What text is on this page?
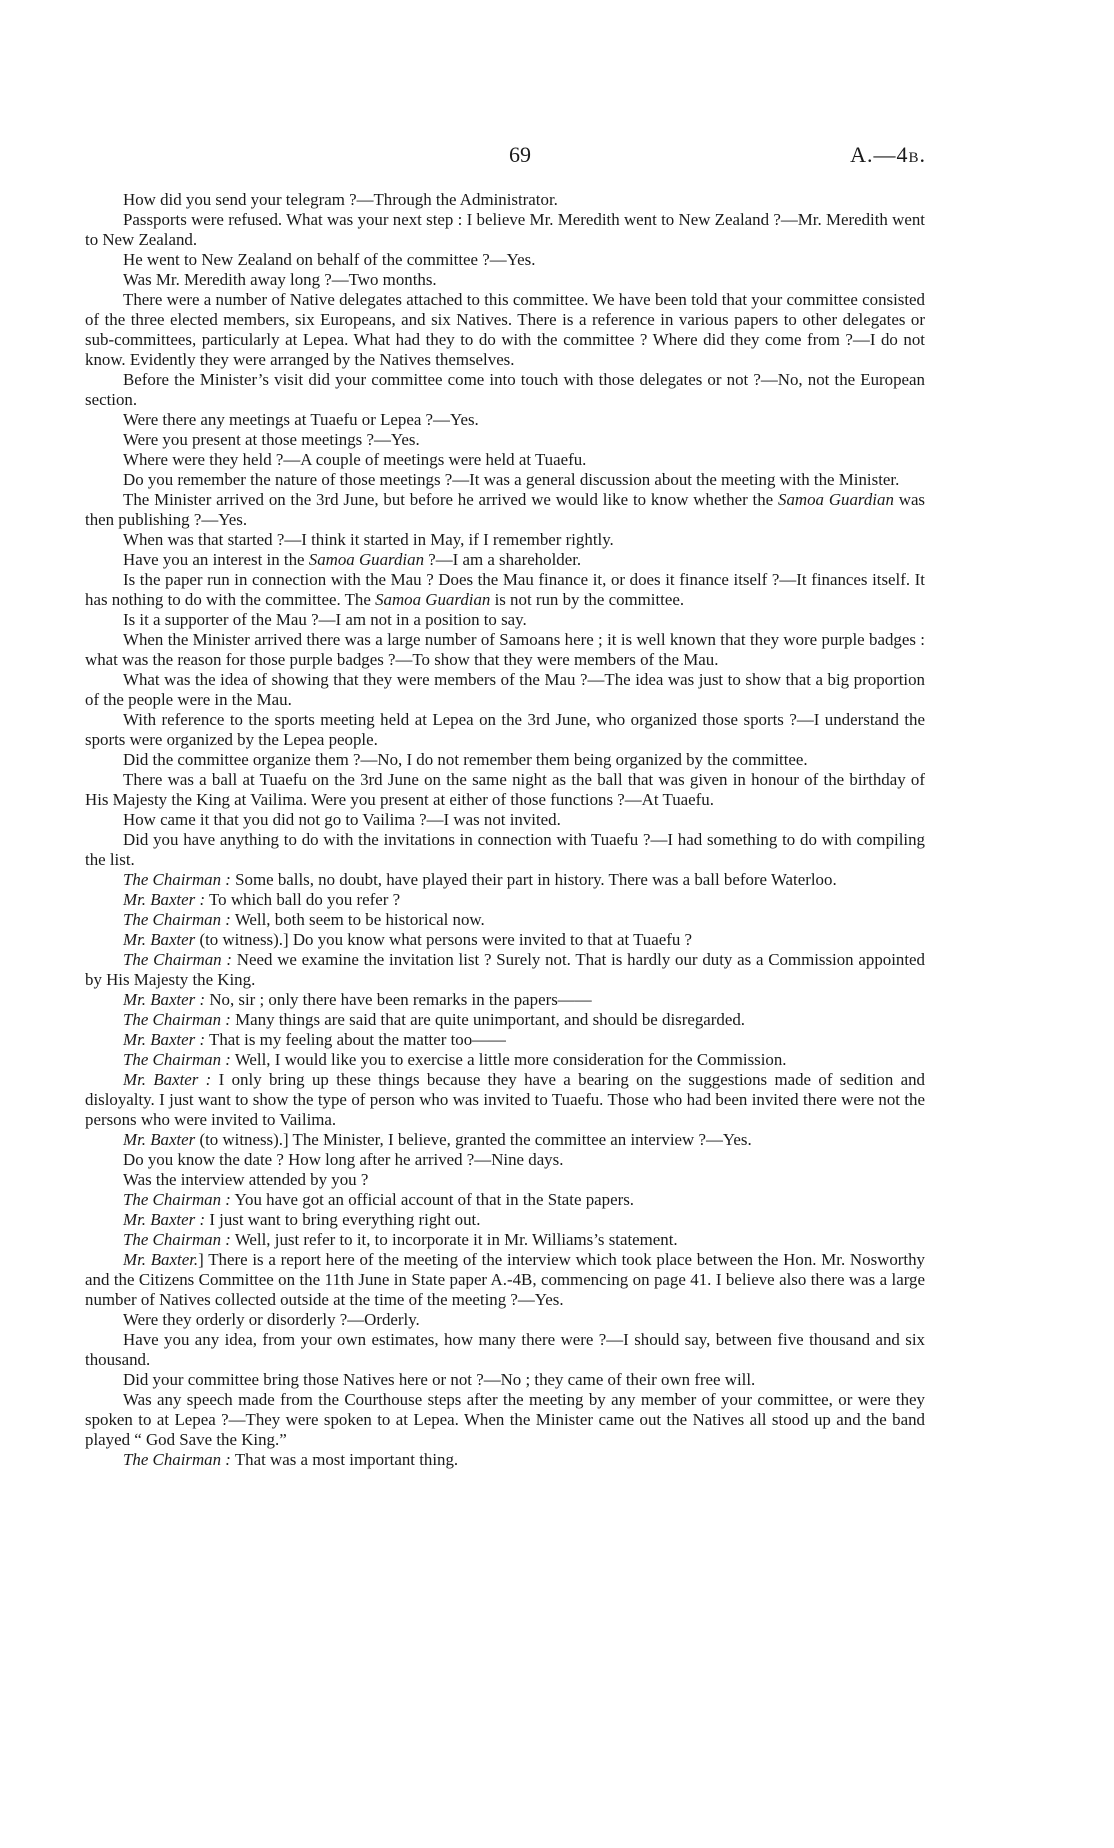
69	A.—4B.

How did you send your telegram ?—Through the Administrator.

Passports were refused. What was your next step : I believe Mr. Meredith went to New Zealand ?—Mr. Meredith went to New Zealand.

He went to New Zealand on behalf of the committee ?—Yes.

Was Mr. Meredith away long ?—Two months.

There were a number of Native delegates attached to this committee. We have been told that your committee consisted of the three elected members, six Europeans, and six Natives. There is a reference in various papers to other delegates or sub-committees, particularly at Lepea. What had they to do with the committee ? Where did they come from ?—I do not know. Evidently they were arranged by the Natives themselves.

Before the Minister’s visit did your committee come into touch with those delegates or not ?—No, not the European section.

Were there any meetings at Tuaefu or Lepea ?—Yes.

Were you present at those meetings ?—Yes.

Where were they held ?—A couple of meetings were held at Tuaefu.

Do you remember the nature of those meetings ?—It was a general discussion about the meeting with the Minister.

The Minister arrived on the 3rd June, but before he arrived we would like to know whether the Samoa Guardian was then publishing ?—Yes.

When was that started ?—I think it started in May, if I remember rightly.

Have you an interest in the Samoa Guardian ?—I am a shareholder.

Is the paper run in connection with the Mau ? Does the Mau finance it, or does it finance itself ?—It finances itself. It has nothing to do with the committee. The Samoa Guardian is not run by the committee.

Is it a supporter of the Mau ?—I am not in a position to say.

When the Minister arrived there was a large number of Samoans here ; it is well known that they wore purple badges : what was the reason for those purple badges ?—To show that they were members of the Mau.

What was the idea of showing that they were members of the Mau ?—The idea was just to show that a big proportion of the people were in the Mau.

With reference to the sports meeting held at Lepea on the 3rd June, who organized those sports ?—I understand the sports were organized by the Lepea people.

Did the committee organize them ?—No, I do not remember them being organized by the committee.

There was a ball at Tuaefu on the 3rd June on the same night as the ball that was given in honour of the birthday of His Majesty the King at Vailima. Were you present at either of those functions ?—At Tuaefu.

How came it that you did not go to Vailima ?—I was not invited.

Did you have anything to do with the invitations in connection with Tuaefu ?—I had something to do with compiling the list.

The Chairman : Some balls, no doubt, have played their part in history. There was a ball before Waterloo.

Mr. Baxter : To which ball do you refer ?

The Chairman : Well, both seem to be historical now.

Mr. Baxter (to witness).] Do you know what persons were invited to that at Tuaefu ?

The Chairman : Need we examine the invitation list ? Surely not. That is hardly our duty as a Commission appointed by His Majesty the King.

Mr. Baxter : No, sir ; only there have been remarks in the papers——

The Chairman : Many things are said that are quite unimportant, and should be disregarded.

Mr. Baxter : That is my feeling about the matter too——

The Chairman : Well, I would like you to exercise a little more consideration for the Commission.

Mr. Baxter : I only bring up these things because they have a bearing on the suggestions made of sedition and disloyalty. I just want to show the type of person who was invited to Tuaefu. Those who had been invited there were not the persons who were invited to Vailima.

Mr. Baxter (to witness).] The Minister, I believe, granted the committee an interview ?—Yes.

Do you know the date ? How long after he arrived ?—Nine days.

Was the interview attended by you ?

The Chairman : You have got an official account of that in the State papers.

Mr. Baxter : I just want to bring everything right out.

The Chairman : Well, just refer to it, to incorporate it in Mr. Williams’s statement.

Mr. Baxter.] There is a report here of the meeting of the interview which took place between the Hon. Mr. Nosworthy and the Citizens Committee on the 11th June in State paper A.-4B, commencing on page 41. I believe also there was a large number of Natives collected outside at the time of the meeting ?—Yes.

Were they orderly or disorderly ?—Orderly.

Have you any idea, from your own estimates, how many there were ?—I should say, between five thousand and six thousand.

Did your committee bring those Natives here or not ?—No ; they came of their own free will.

Was any speech made from the Courthouse steps after the meeting by any member of your committee, or were they spoken to at Lepea ?—They were spoken to at Lepea. When the Minister came out the Natives all stood up and the band played “ God Save the King.”

The Chairman : That was a most important thing.
